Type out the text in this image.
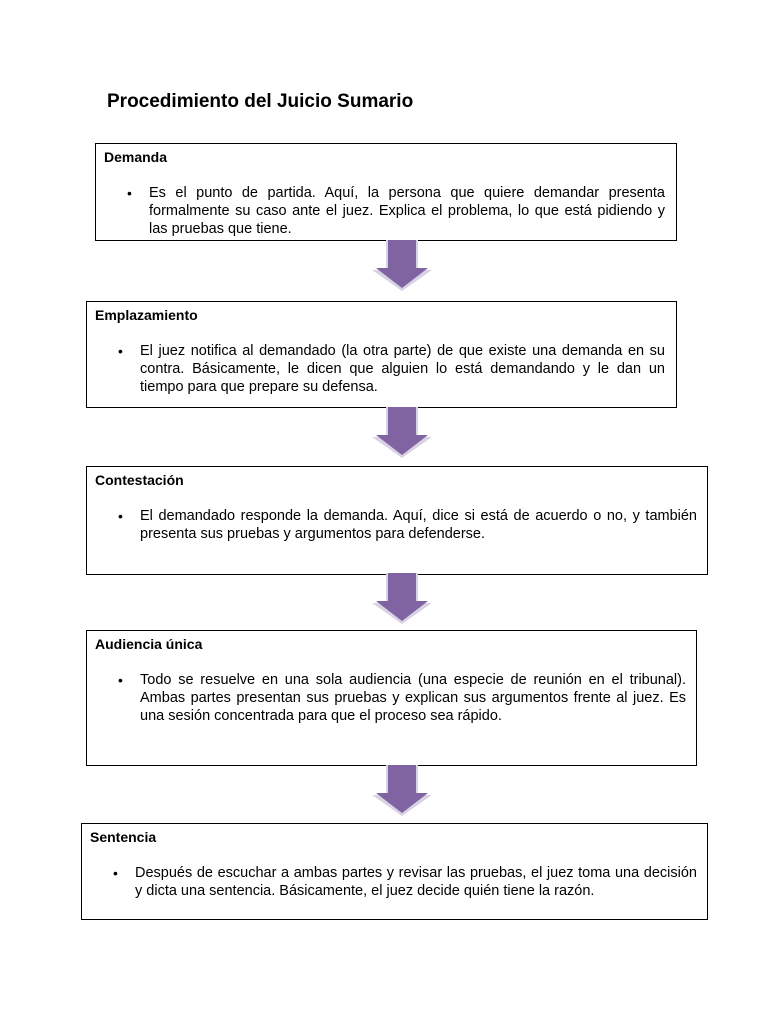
Procedimiento del Juicio Sumario
Demanda
• Es el punto de partida. Aquí, la persona que quiere demandar presenta formalmente su caso ante el juez. Explica el problema, lo que está pidiendo y las pruebas que tiene.
Emplazamiento
• El juez notifica al demandado (la otra parte) de que existe una demanda en su contra. Básicamente, le dicen que alguien lo está demandando y le dan un tiempo para que prepare su defensa.
Contestación
• El demandado responde la demanda. Aquí, dice si está de acuerdo o no, y también presenta sus pruebas y argumentos para defenderse.
Audiencia única
• Todo se resuelve en una sola audiencia (una especie de reunión en el tribunal). Ambas partes presentan sus pruebas y explican sus argumentos frente al juez. Es una sesión concentrada para que el proceso sea rápido.
Sentencia
• Después de escuchar a ambas partes y revisar las pruebas, el juez toma una decisión y dicta una sentencia. Básicamente, el juez decide quién tiene la razón.
